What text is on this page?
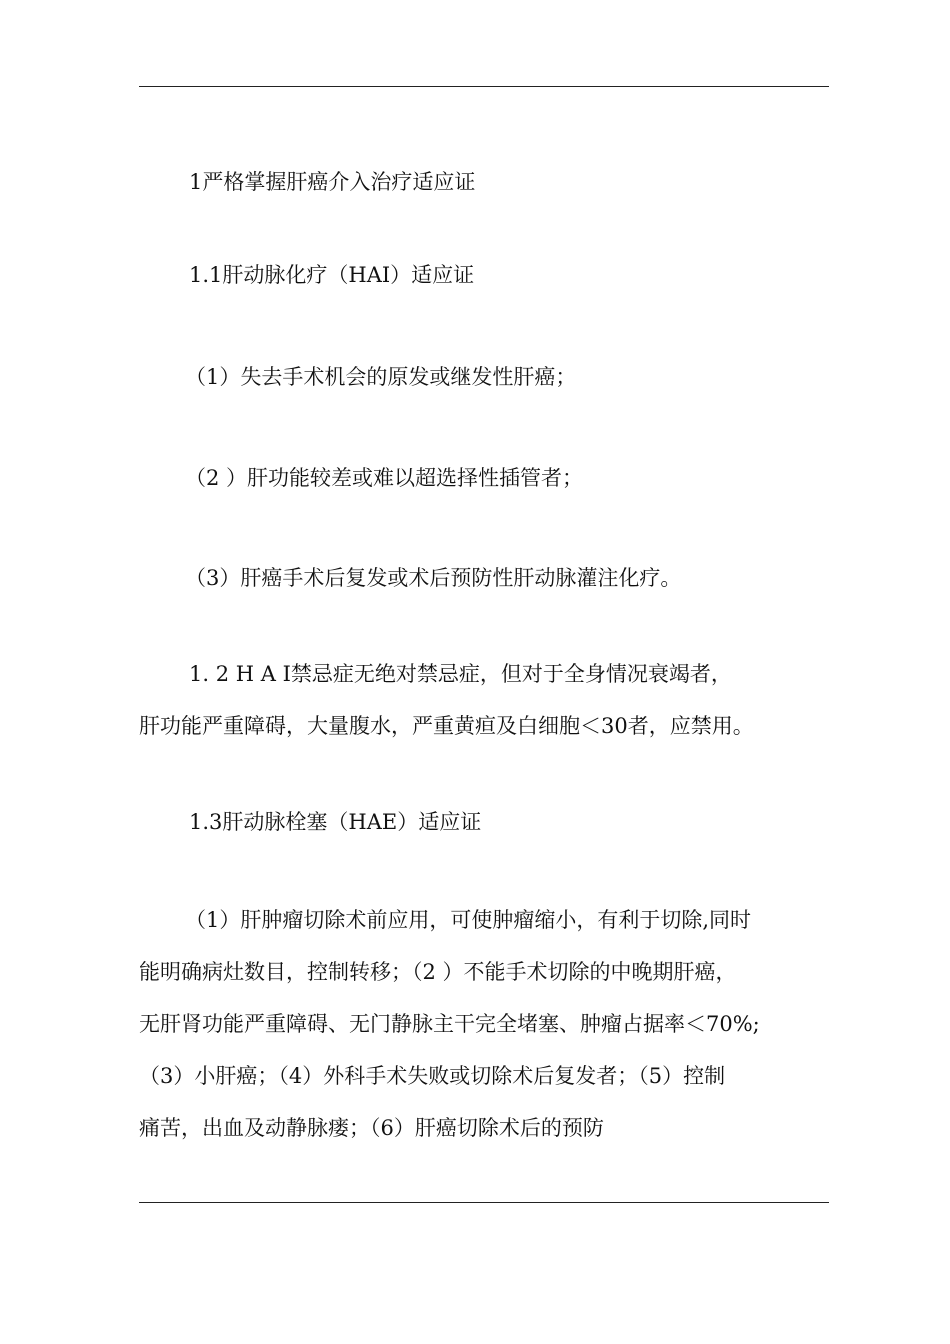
1严格掌握肝癌介入治疗适应证
1.1肝动脉化疗（HAI）适应证
（1）失去手术机会的原发或继发性肝癌；
（2 ）肝功能较差或难以超选择性插管者；
（3）肝癌手术后复发或术后预防性肝动脉灌注化疗。
1. 2 H A I禁忌症无绝对禁忌症，但对于全身情况衰竭者，
肝功能严重障碍，大量腹水，严重黄疸及白细胞＜30者，应禁用。
1.3肝动脉栓塞（HAE）适应证
（1）肝肿瘤切除术前应用，可使肿瘤缩小，有利于切除,同时
能明确病灶数目，控制转移；（2 ）不能手术切除的中晚期肝癌，
无肝肾功能严重障碍、无门静脉主干完全堵塞、肿瘤占据率＜70%;
（3）小肝癌；（4）外科手术失败或切除术后复发者；（5）控制
痛苦，出血及动静脉瘘；（6）肝癌切除术后的预防
